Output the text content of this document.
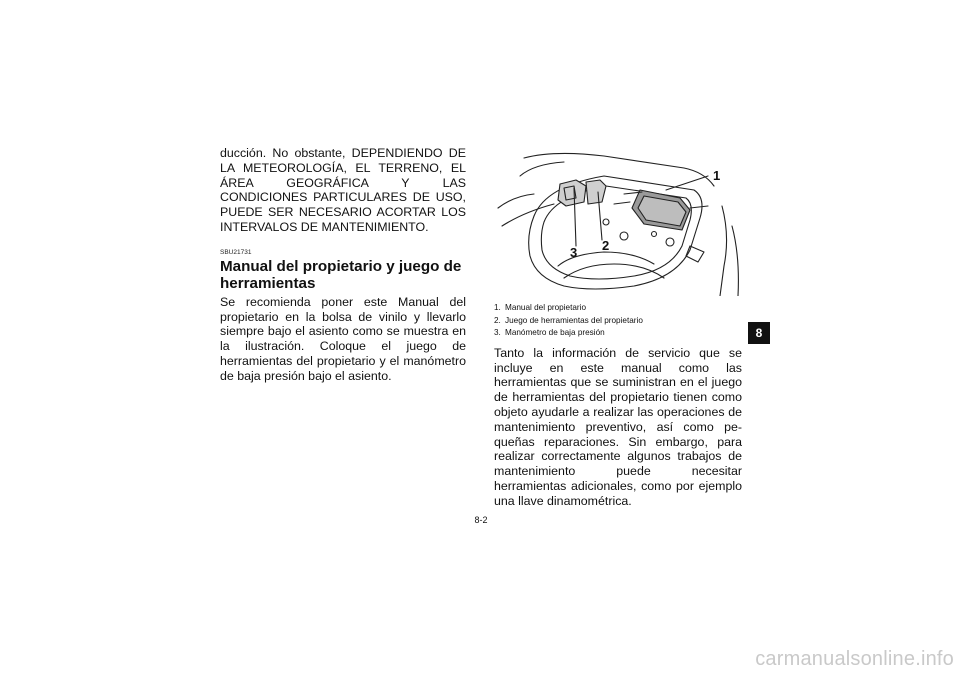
ducción. No obstante, DEPENDIENDO DE LA METEOROLOGÍA, EL TERRENO, EL ÁREA GEOGRÁFICA Y LAS CONDICIONES PARTICULARES DE USO, PUEDE SER NECESARIO ACORTAR LOS INTERVALOS DE MANTENIMIENTO.

SBU21731
Manual del propietario y juego de herramientas

Se recomienda poner este Manual del propietario en la bolsa de vinilo y llevarlo siempre bajo el asiento como se muestra en la ilustración. Coloque el juego de herramientas del propietario y el manómetro de baja presión bajo el asiento.

1
2
3
1. Manual del propietario
2. Juego de herramientas del propietario
3. Manómetro de baja presión

Tanto la información de servicio que se incluye en este manual como las herramientas que se suministran en el juego de herramientas del propietario tienen como objeto ayudarle a realizar las operaciones de mantenimiento preventivo, así como pequeñas reparaciones. Sin embargo, para realizar correctamente algunos trabajos de mantenimiento puede necesitar herramientas adicionales, como por ejemplo una llave dinamométrica.

8
8-2
carmanualsonline.info
